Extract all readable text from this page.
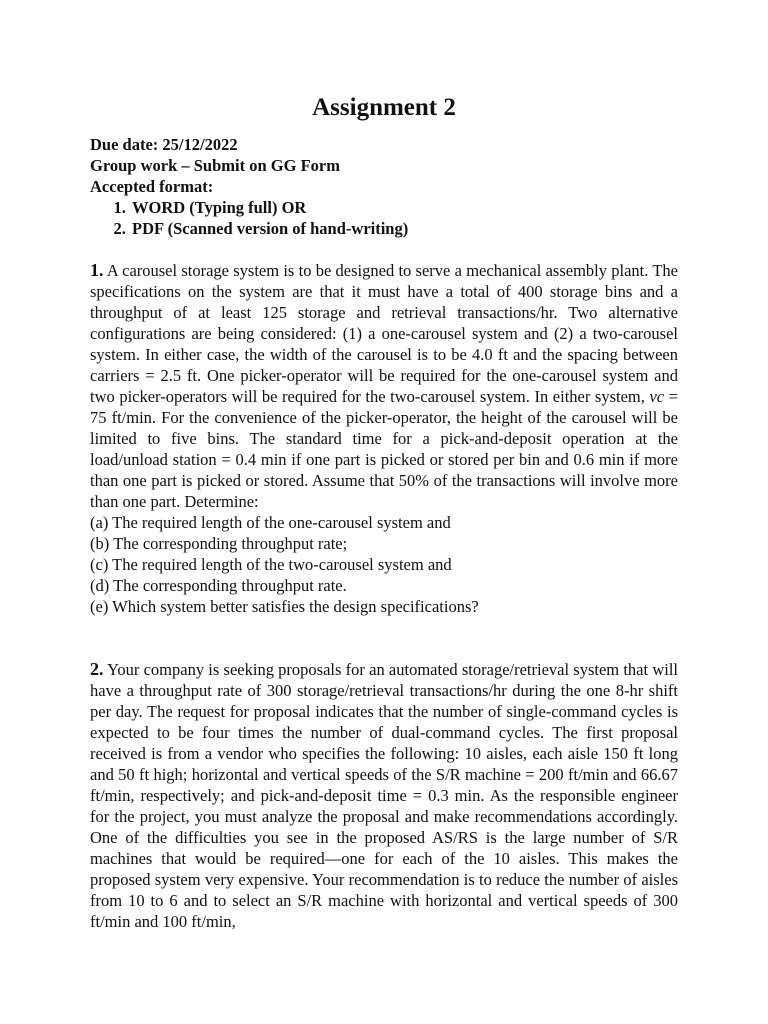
Assignment 2
Due date: 25/12/2022
Group work – Submit on GG Form
Accepted format:
1. WORD (Typing full) OR
2. PDF (Scanned version of hand-writing)

1. A carousel storage system is to be designed to serve a mechanical assembly plant. The specifications on the system are that it must have a total of 400 storage bins and a throughput of at least 125 storage and retrieval transactions/hr. Two alternative configurations are being considered: (1) a one-carousel system and (2) a two-carousel system. In either case, the width of the carousel is to be 4.0 ft and the spacing between carriers = 2.5 ft. One picker-operator will be required for the one-carousel system and two picker-operators will be required for the two-carousel system. In either system, vc = 75 ft/min. For the convenience of the picker-operator, the height of the carousel will be limited to five bins. The standard time for a pick-and-deposit operation at the load/unload station = 0.4 min if one part is picked or stored per bin and 0.6 min if more than one part is picked or stored. Assume that 50% of the transactions will involve more than one part. Determine:

(a) The required length of the one-carousel system and
(b) The corresponding throughput rate;
(c) The required length of the two-carousel system and
(d) The corresponding throughput rate.
(e) Which system better satisfies the design specifications?

2. Your company is seeking proposals for an automated storage/retrieval system that will have a throughput rate of 300 storage/retrieval transactions/hr during the one 8-hr shift per day. The request for proposal indicates that the number of single-command cycles is expected to be four times the number of dual-command cycles. The first proposal received is from a vendor who specifies the following: 10 aisles, each aisle 150 ft long and 50 ft high; horizontal and vertical speeds of the S/R machine = 200 ft/min and 66.67 ft/min, respectively; and pick-and-deposit time = 0.3 min. As the responsible engineer for the project, you must analyze the proposal and make recommendations accordingly. One of the difficulties you see in the proposed AS/RS is the large number of S/R machines that would be required—one for each of the 10 aisles. This makes the proposed system very expensive. Your recommendation is to reduce the number of aisles from 10 to 6 and to select an S/R machine with horizontal and vertical speeds of 300 ft/min and 100 ft/min,
